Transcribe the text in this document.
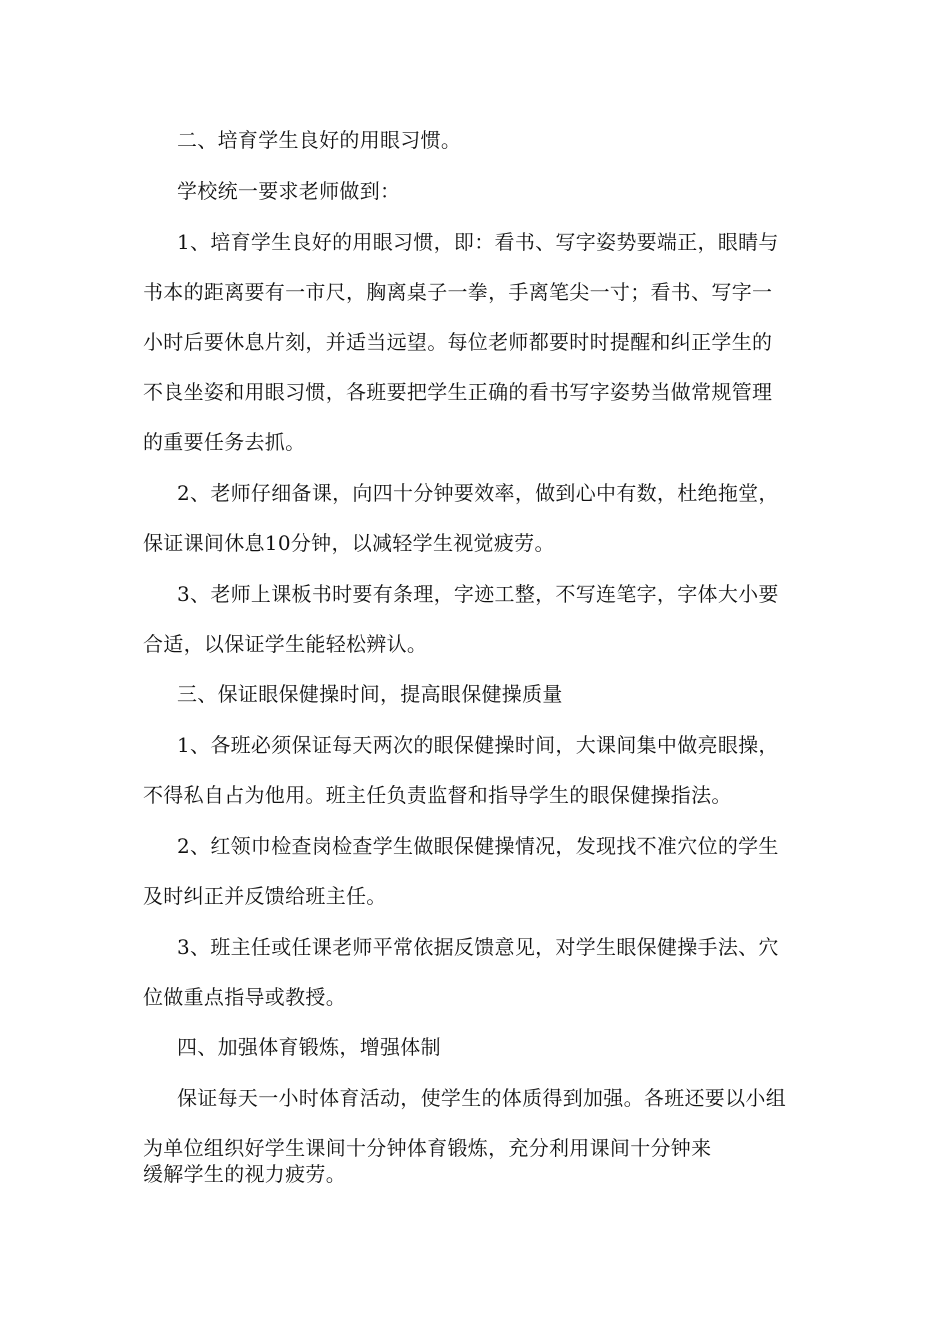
二、培育学生良好的用眼习惯。
学校统一要求老师做到：
1、培育学生良好的用眼习惯，即：看书、写字姿势要端正，眼睛与
书本的距离要有一市尺，胸离桌子一拳，手离笔尖一寸；看书、写字一
小时后要休息片刻，并适当远望。每位老师都要时时提醒和纠正学生的
不良坐姿和用眼习惯，各班要把学生正确的看书写字姿势当做常规管理
的重要任务去抓。
2、老师仔细备课，向四十分钟要效率，做到心中有数，杜绝拖堂，
保证课间休息10分钟，以减轻学生视觉疲劳。
3、老师上课板书时要有条理，字迹工整，不写连笔字，字体大小要
合适，以保证学生能轻松辨认。
三、保证眼保健操时间，提高眼保健操质量
1、各班必须保证每天两次的眼保健操时间，大课间集中做亮眼操，
不得私自占为他用。班主任负责监督和指导学生的眼保健操指法。
2、红领巾检查岗检查学生做眼保健操情况，发现找不准穴位的学生
及时纠正并反馈给班主任。
3、班主任或任课老师平常依据反馈意见，对学生眼保健操手法、穴
位做重点指导或教授。
四、加强体育锻炼，增强体制
保证每天一小时体育活动，使学生的体质得到加强。各班还要以小组
为单位组织好学生课间十分钟体育锻炼，充分利用课间十分钟来
缓解学生的视力疲劳。
